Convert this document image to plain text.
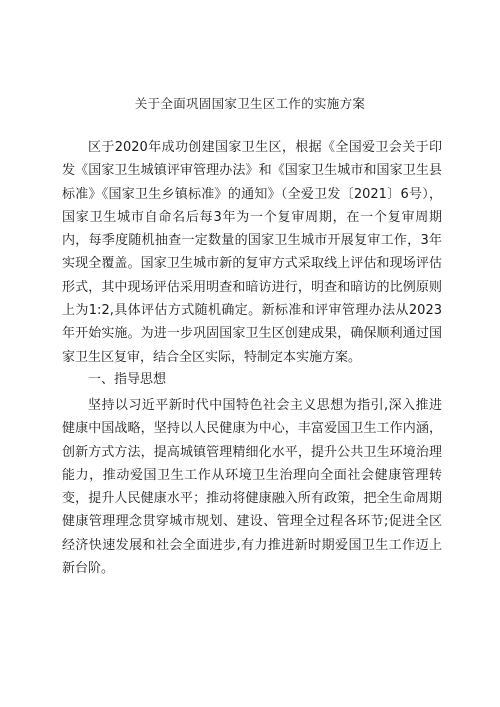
关于全面巩固国家卫生区工作的实施方案

区于2020年成功创建国家卫生区，根据《全国爱卫会关于印发《国家卫生城镇评审管理办法》和《国家卫生城市和国家卫生县标准》《国家卫生乡镇标准》的通知》（全爱卫发〔2021〕6号），国家卫生城市自命名后每3年为一个复审周期，在一个复审周期内，每季度随机抽查一定数量的国家卫生城市开展复审工作，3年实现全覆盖。国家卫生城市新的复审方式采取线上评估和现场评估形式，其中现场评估采用明查和暗访进行，明查和暗访的比例原则上为1:2,具体评估方式随机确定。新标准和评审管理办法从2023年开始实施。为进一步巩固国家卫生区创建成果，确保顺利通过国家卫生区复审，结合全区实际，特制定本实施方案。

一、指导思想

坚持以习近平新时代中国特色社会主义思想为指引,深入推进健康中国战略，坚持以人民健康为中心，丰富爱国卫生工作内涵，创新方式方法，提高城镇管理精细化水平，提升公共卫生环境治理能力，推动爱国卫生工作从环境卫生治理向全面社会健康管理转变，提升人民健康水平；推动将健康融入所有政策，把全生命周期健康管理理念贯穿城市规划、建设、管理全过程各环节;促进全区经济快速发展和社会全面进步,有力推进新时期爱国卫生工作迈上新台阶。
